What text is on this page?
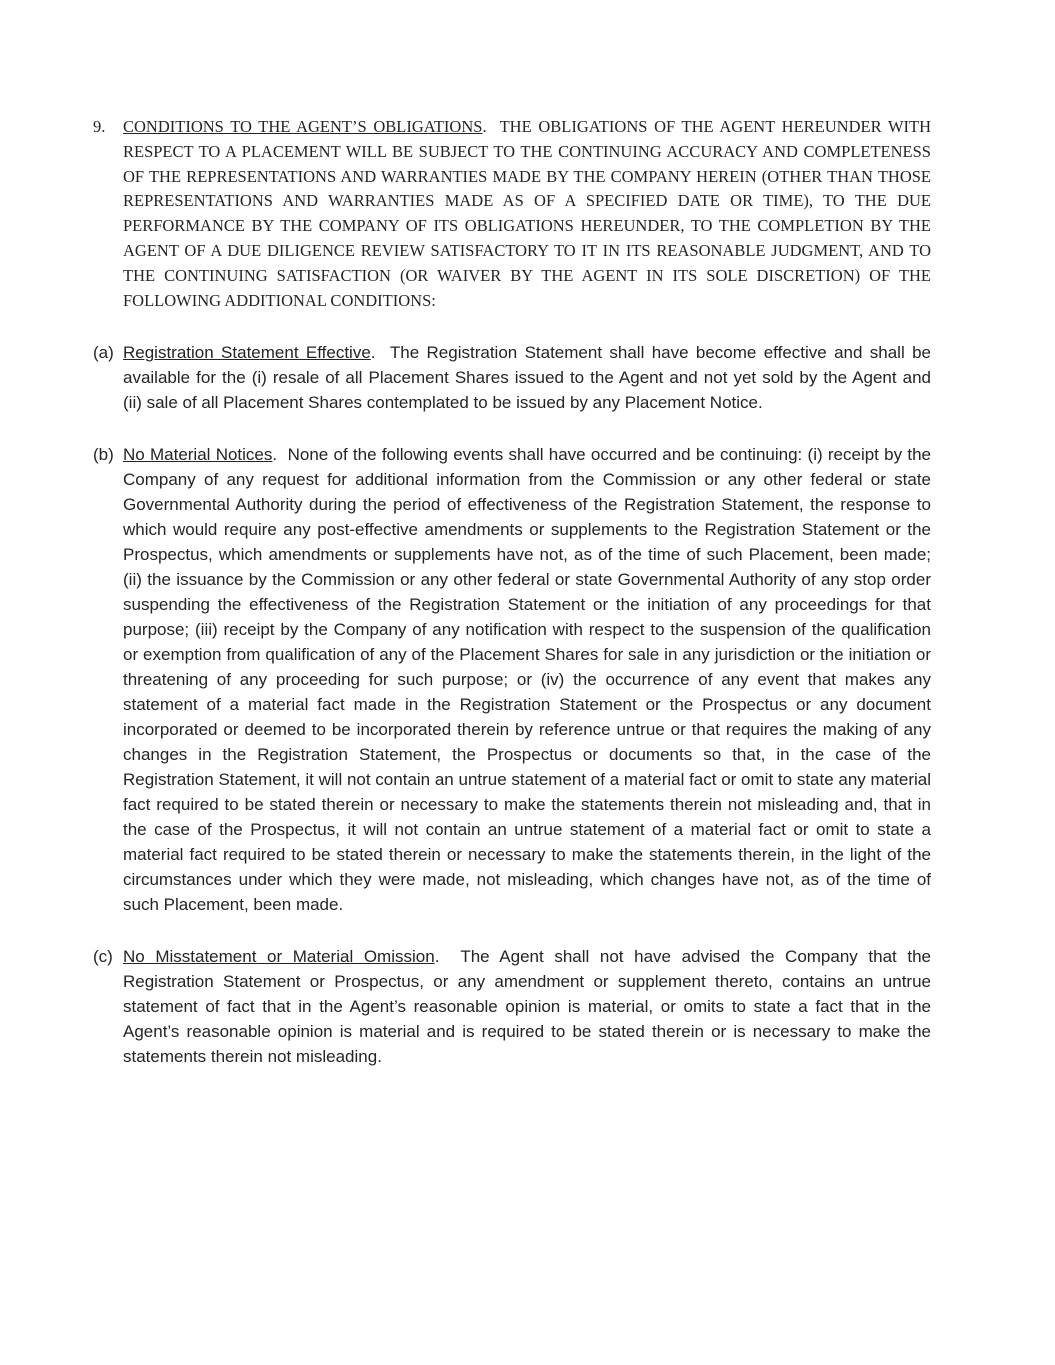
9. CONDITIONS TO THE AGENT’S OBLIGATIONS.  THE OBLIGATIONS OF THE AGENT HEREUNDER WITH RESPECT TO A PLACEMENT WILL BE SUBJECT TO THE CONTINUING ACCURACY AND COMPLETENESS OF THE REPRESENTATIONS AND WARRANTIES MADE BY THE COMPANY HEREIN (OTHER THAN THOSE REPRESENTATIONS AND WARRANTIES MADE AS OF A SPECIFIED DATE OR TIME), TO THE DUE PERFORMANCE BY THE COMPANY OF ITS OBLIGATIONS HEREUNDER, TO THE COMPLETION BY THE AGENT OF A DUE DILIGENCE REVIEW SATISFACTORY TO IT IN ITS REASONABLE JUDGMENT, AND TO THE CONTINUING SATISFACTION (OR WAIVER BY THE AGENT IN ITS SOLE DISCRETION) OF THE FOLLOWING ADDITIONAL CONDITIONS:
(a) Registration Statement Effective.  The Registration Statement shall have become effective and shall be available for the (i) resale of all Placement Shares issued to the Agent and not yet sold by the Agent and (ii) sale of all Placement Shares contemplated to be issued by any Placement Notice.
(b) No Material Notices.  None of the following events shall have occurred and be continuing: (i) receipt by the Company of any request for additional information from the Commission or any other federal or state Governmental Authority during the period of effectiveness of the Registration Statement, the response to which would require any post-effective amendments or supplements to the Registration Statement or the Prospectus, which amendments or supplements have not, as of the time of such Placement, been made; (ii) the issuance by the Commission or any other federal or state Governmental Authority of any stop order suspending the effectiveness of the Registration Statement or the initiation of any proceedings for that purpose; (iii) receipt by the Company of any notification with respect to the suspension of the qualification or exemption from qualification of any of the Placement Shares for sale in any jurisdiction or the initiation or threatening of any proceeding for such purpose; or (iv) the occurrence of any event that makes any statement of a material fact made in the Registration Statement or the Prospectus or any document incorporated or deemed to be incorporated therein by reference untrue or that requires the making of any changes in the Registration Statement, the Prospectus or documents so that, in the case of the Registration Statement, it will not contain an untrue statement of a material fact or omit to state any material fact required to be stated therein or necessary to make the statements therein not misleading and, that in the case of the Prospectus, it will not contain an untrue statement of a material fact or omit to state a material fact required to be stated therein or necessary to make the statements therein, in the light of the circumstances under which they were made, not misleading, which changes have not, as of the time of such Placement, been made.
(c) No Misstatement or Material Omission.  The Agent shall not have advised the Company that the Registration Statement or Prospectus, or any amendment or supplement thereto, contains an untrue statement of fact that in the Agent’s reasonable opinion is material, or omits to state a fact that in the Agent’s reasonable opinion is material and is required to be stated therein or is necessary to make the statements therein not misleading.
